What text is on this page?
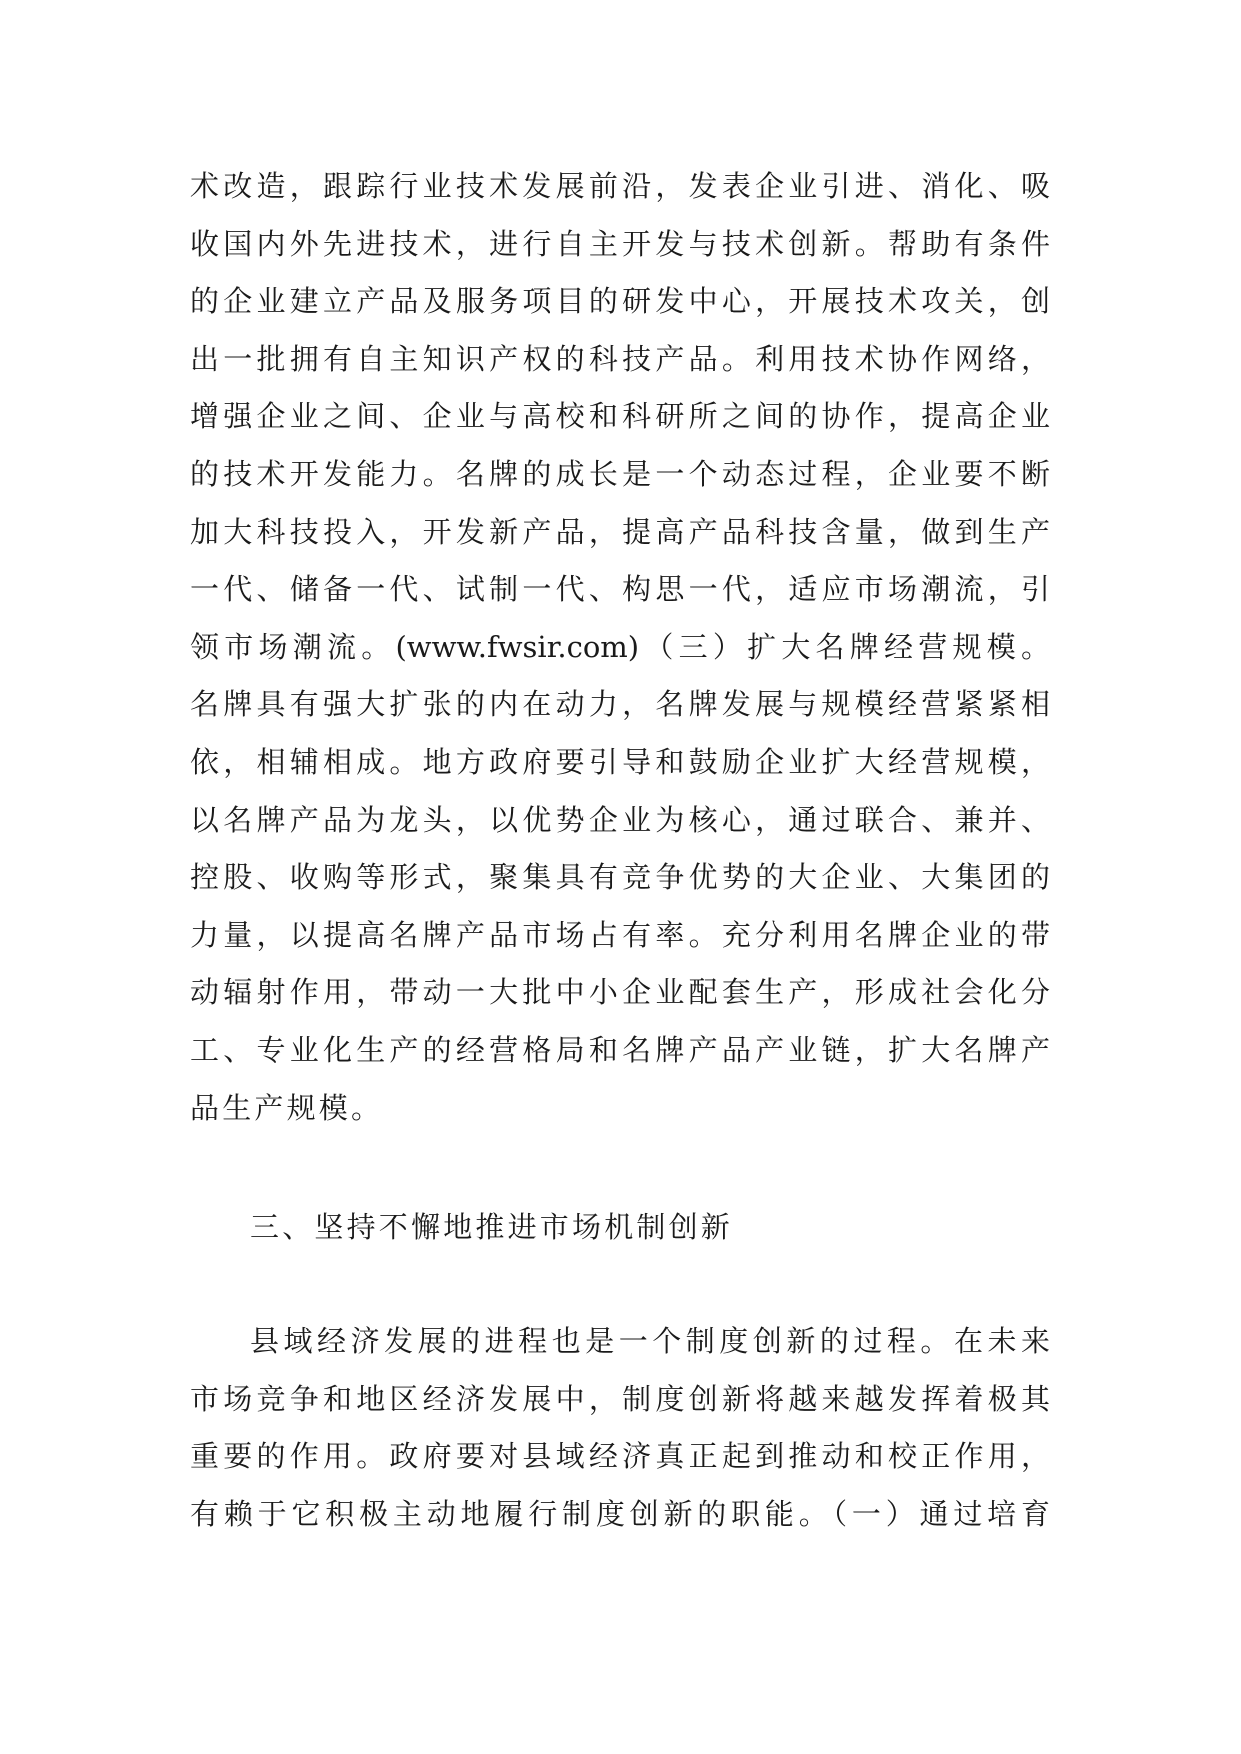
术改造，跟踪行业技术发展前沿，发表企业引进、消化、吸
收国内外先进技术，进行自主开发与技术创新。帮助有条件
的企业建立产品及服务项目的研发中心，开展技术攻关，创
出一批拥有自主知识产权的科技产品。利用技术协作网络，
增强企业之间、企业与高校和科研所之间的协作，提高企业
的技术开发能力。名牌的成长是一个动态过程，企业要不断
加大科技投入，开发新产品，提高产品科技含量，做到生产
一代、储备一代、试制一代、构思一代，适应市场潮流，引
领市场潮流。(www.fwsir.com)（三）扩大名牌经营规模。
名牌具有强大扩张的内在动力，名牌发展与规模经营紧紧相
依，相辅相成。地方政府要引导和鼓励企业扩大经营规模，
以名牌产品为龙头，以优势企业为核心，通过联合、兼并、
控股、收购等形式，聚集具有竞争优势的大企业、大集团的
力量，以提高名牌产品市场占有率。充分利用名牌企业的带
动辐射作用，带动一大批中小企业配套生产，形成社会化分
工、专业化生产的经营格局和名牌产品产业链，扩大名牌产
品生产规模。
三、坚持不懈地推进市场机制创新
县域经济发展的进程也是一个制度创新的过程。在未来
市场竞争和地区经济发展中，制度创新将越来越发挥着极其
重要的作用。政府要对县域经济真正起到推动和校正作用，
有赖于它积极主动地履行制度创新的职能。（一）通过培育
